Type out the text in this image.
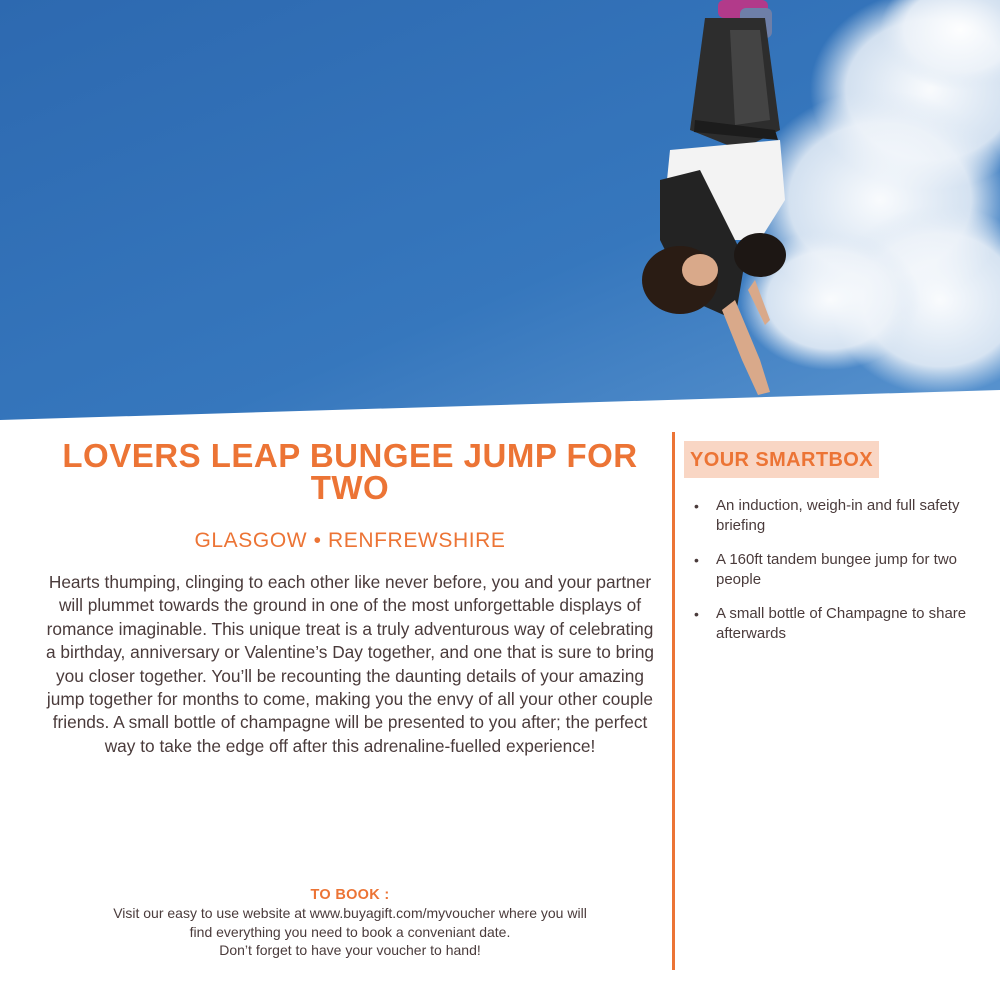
LOVERS LEAP BUNGEE JUMP FOR TWO
GLASGOW • RENFREWSHIRE

Hearts thumping, clinging to each other like never before, you and your partner will plummet towards the ground in one of the most unforgettable displays of romance imaginable. This unique treat is a truly adventurous way of celebrating a birthday, anniversary or Valentine’s Day together, and one that is sure to bring you closer together. You’ll be recounting the daunting details of your amazing jump together for months to come, making you the envy of all your other couple friends. A small bottle of champagne will be presented to you after; the perfect way to take the edge off after this adrenaline-fuelled experience!

TO BOOK :
Visit our easy to use website at www.buyagift.com/myvoucher where you will
find everything you need to book a conveniant date.
Don’t forget to have your voucher to hand!
YOUR SMARTBOX
• An induction, weigh-in and full safety briefing
• A 160ft tandem bungee jump for two people
• A small bottle of Champagne to share afterwards
